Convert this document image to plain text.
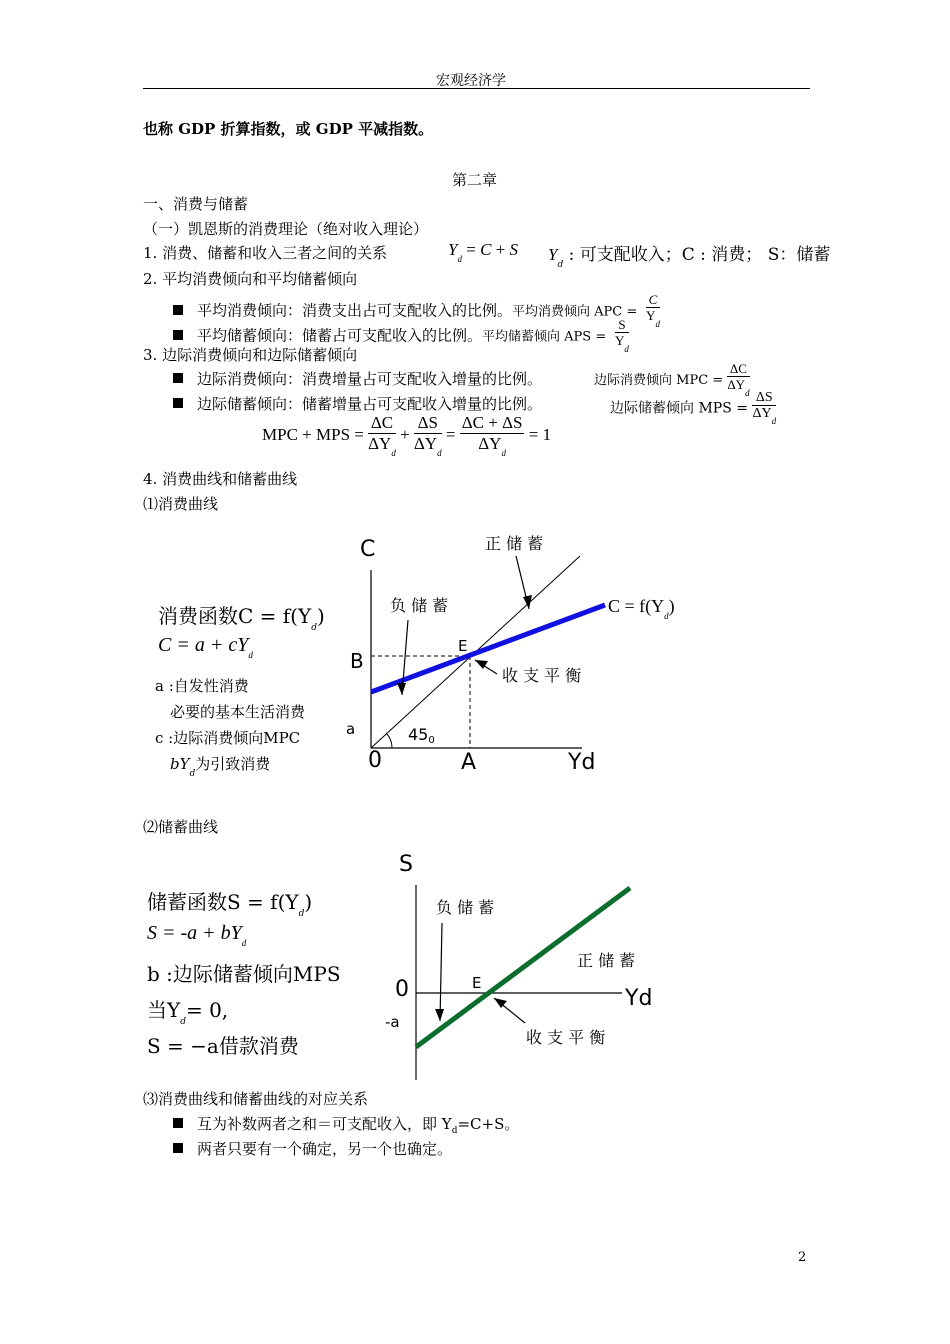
宏观经济学
也称 GDP 折算指数，或 GDP 平减指数。
第二章
一、消费与储蓄
（一）凯恩斯的消费理论（绝对收入理论）
1. 消费、储蓄和收入三者之间的关系	$Y_d = C + S$ $Y_d$ : 可支配收入；C : 消费； S：储蓄
2. 平均消费倾向和平均储蓄倾向
平均消费倾向：消费支出占可支配收入的比例。平均消费倾向 APC = $\frac{C}{Y_d}$
平均储蓄倾向：储蓄占可支配收入的比例。平均储蓄倾向 APS = $\frac{S}{Y_d}$
3. 边际消费倾向和边际储蓄倾向
边际消费倾向：消费增量占可支配收入增量的比例。	边际消费倾向 MPC = $\frac{\Delta C}{\Delta Y_d}$
边际储蓄倾向：储蓄增量占可支配收入增量的比例。	边际储蓄倾向 MPS = $\frac{\Delta S}{\Delta Y_d}$
MPC + MPS = $\frac{\Delta C}{\Delta Y_d} + \frac{\Delta S}{\Delta Y_d} = \frac{\Delta C + \Delta S}{\Delta Y_d} = 1$
4. 消费曲线和储蓄曲线
⑴消费曲线
消费函数$C = f(Y_d)$
$C = a + cY_d$
a :自发性消费
必要的基本生活消费
c :边际消费倾向MPC
$bY_d$为引致消费
C	正 储 蓄
负 储 蓄
E
B
收 支 平 衡
a	450
0	A	Yd
$C = f(Y_d)$
⑵储蓄曲线
储蓄函数$S = f(Y_d)$
$S = -a + bY_d$
b :边际储蓄倾向MPS
当$Y_d= 0$,
S = −a借款消费
S
负 储 蓄
正 储 蓄
0	E
Yd
-a
收 支 平 衡
⑶消费曲线和储蓄曲线的对应关系
互为补数两者之和＝可支配收入，即 $Y_d=C+S$。
两者只要有一个确定，另一个也确定。
2
